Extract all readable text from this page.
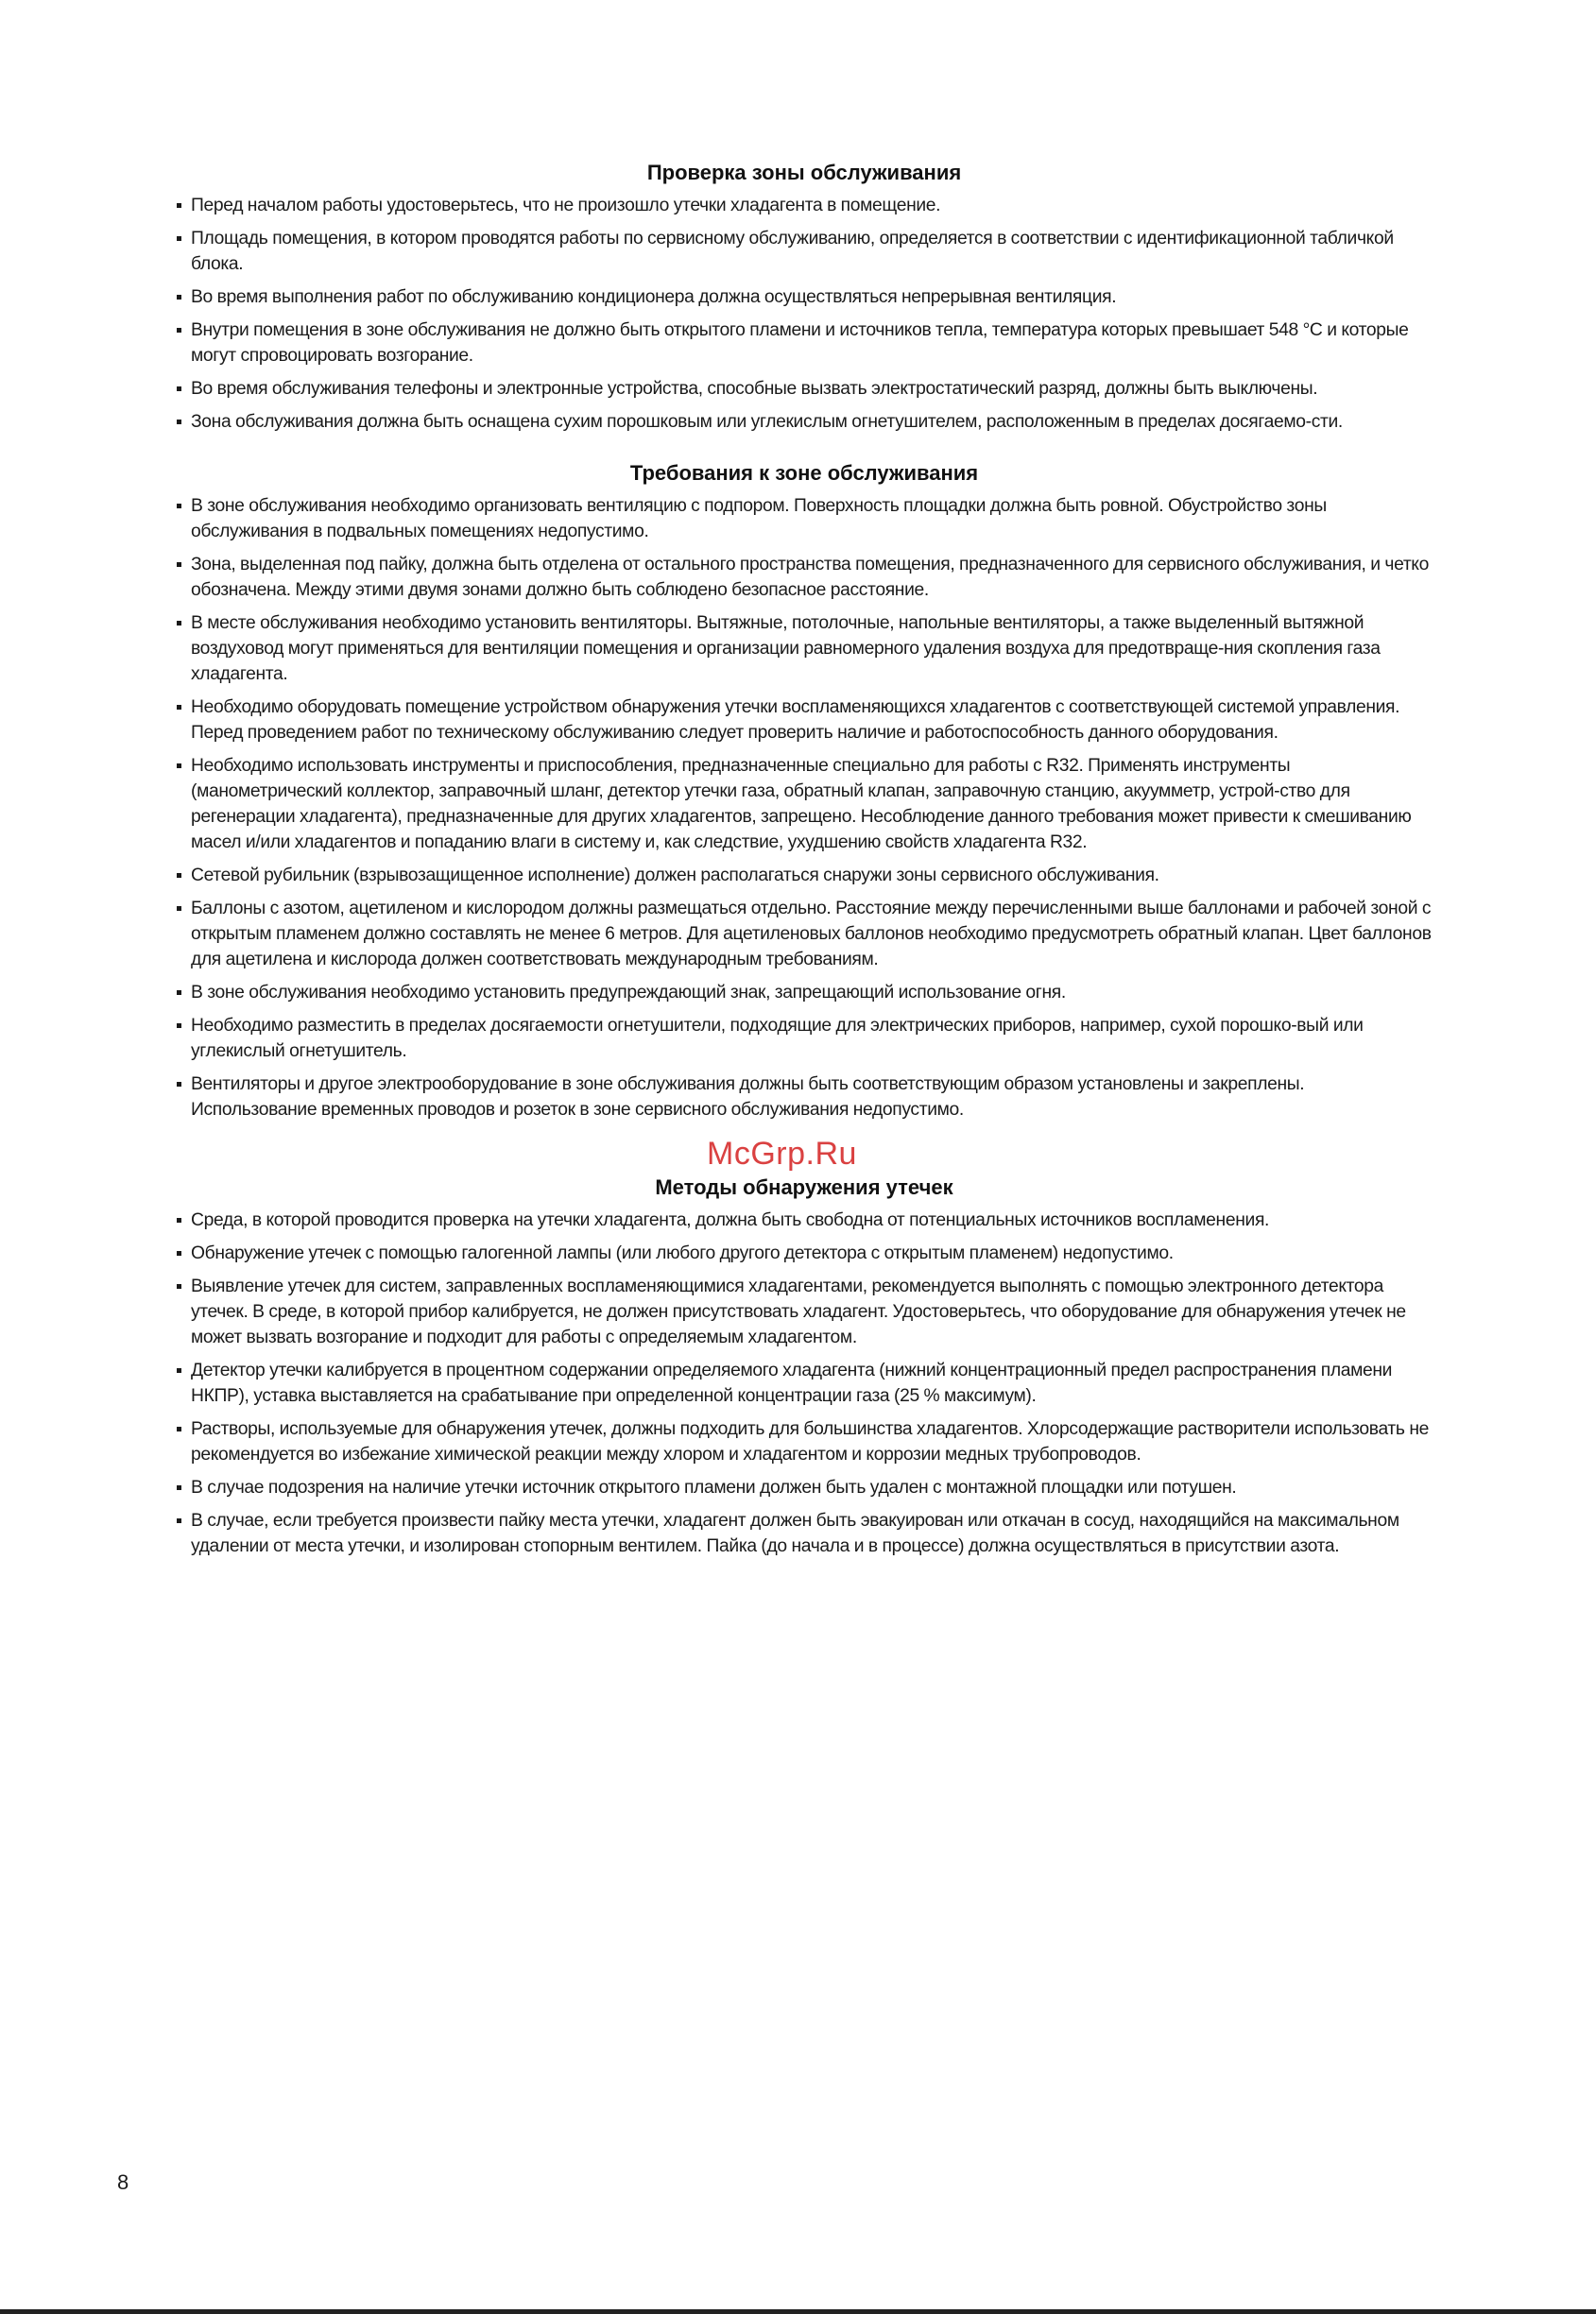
Проверка зоны обслуживания
Перед началом работы удостоверьтесь, что не произошло утечки хладагента в помещение.
Площадь помещения, в котором проводятся работы по сервисному обслуживанию, определяется в соответствии с идентификационной табличкой блока.
Во время выполнения работ по обслуживанию кондиционера должна осуществляться непрерывная вентиляция.
Внутри помещения в зоне обслуживания не должно быть открытого пламени и источников тепла, температура которых превышает 548 °С и которые могут спровоцировать возгорание.
Во время обслуживания телефоны и электронные устройства, способные вызвать электростатический разряд, должны быть выключены.
Зона обслуживания должна быть оснащена сухим порошковым или углекислым огнетушителем, расположенным в пределах досягаемо-сти.
Требования к зоне обслуживания
В зоне обслуживания необходимо организовать вентиляцию с подпором. Поверхность площадки должна быть ровной. Обустройство зоны обслуживания в подвальных помещениях недопустимо.
Зона, выделенная под пайку, должна быть отделена от остального пространства помещения, предназначенного для сервисного обслуживания, и четко обозначена. Между этими двумя зонами должно быть соблюдено безопасное расстояние.
В месте обслуживания необходимо установить вентиляторы. Вытяжные, потолочные, напольные вентиляторы, а также выделенный вытяжной воздуховод могут применяться для вентиляции помещения и организации равномерного удаления воздуха для предотвраще-ния скопления газа хладагента.
Необходимо оборудовать помещение устройством обнаружения утечки воспламеняющихся хладагентов с соответствующей системой управления. Перед проведением работ по техническому обслуживанию следует проверить наличие и работоспособность данного оборудования.
Необходимо использовать инструменты и приспособления, предназначенные специально для работы с R32. Применять инструменты (манометрический коллектор, заправочный шланг, детектор утечки газа, обратный клапан, заправочную станцию, акуумметр, устрой-ство для регенерации хладагента), предназначенные для других хладагентов, запрещено. Несоблюдение данного требования может привести к смешиванию масел и/или хладагентов и попаданию влаги в систему и, как следствие, ухудшению свойств хладагента R32.
Сетевой рубильник (взрывозащищенное исполнение) должен располагаться снаружи зоны сервисного обслуживания.
Баллоны с азотом, ацетиленом и кислородом должны размещаться отдельно. Расстояние между перечисленными выше баллонами и рабочей зоной с открытым пламенем должно составлять не менее 6 метров. Для ацетиленовых баллонов необходимо предусмотреть обратный клапан. Цвет баллонов для ацетилена и кислорода должен соответствовать международным требованиям.
В зоне обслуживания необходимо установить предупреждающий знак, запрещающий использование огня.
Необходимо разместить в пределах досягаемости огнетушители, подходящие для электрических приборов, например, сухой порошко-вый или углекислый огнетушитель.
Вентиляторы и другое электрооборудование в зоне обслуживания должны быть соответствующим образом установлены и закреплены. Использование временных проводов и розеток в зоне сервисного обслуживания недопустимо.
Методы обнаружения утечек
Среда, в которой проводится проверка на утечки хладагента, должна быть свободна от потенциальных источников воспламенения.
Обнаружение утечек с помощью галогенной лампы (или любого другого детектора с открытым пламенем) недопустимо.
Выявление утечек для систем, заправленных воспламеняющимися хладагентами, рекомендуется выполнять с помощью электронного детектора утечек. В среде, в которой прибор калибруется, не должен присутствовать хладагент. Удостоверьтесь, что оборудование для обнаружения утечек не может вызвать возгорание и подходит для работы с определяемым хладагентом.
Детектор утечки калибруется в процентном содержании определяемого хладагента (нижний концентрационный предел распространения пламени НКПР), уставка выставляется на срабатывание при определенной концентрации газа (25 % максимум).
Растворы, используемые для обнаружения утечек, должны подходить для большинства хладагентов. Хлорсодержащие растворители использовать не рекомендуется во избежание химической реакции между хлором и хладагентом и коррозии медных трубопроводов.
В случае подозрения на наличие утечки источник открытого пламени должен быть удален с монтажной площадки или потушен.
В случае, если требуется произвести пайку места утечки, хладагент должен быть эвакуирован или откачан в сосуд, находящийся на максимальном удалении от места утечки, и изолирован стопорным вентилем. Пайка (до начала и в процессе) должна осуществляться в присутствии азота.
McGrp.Ru
8
